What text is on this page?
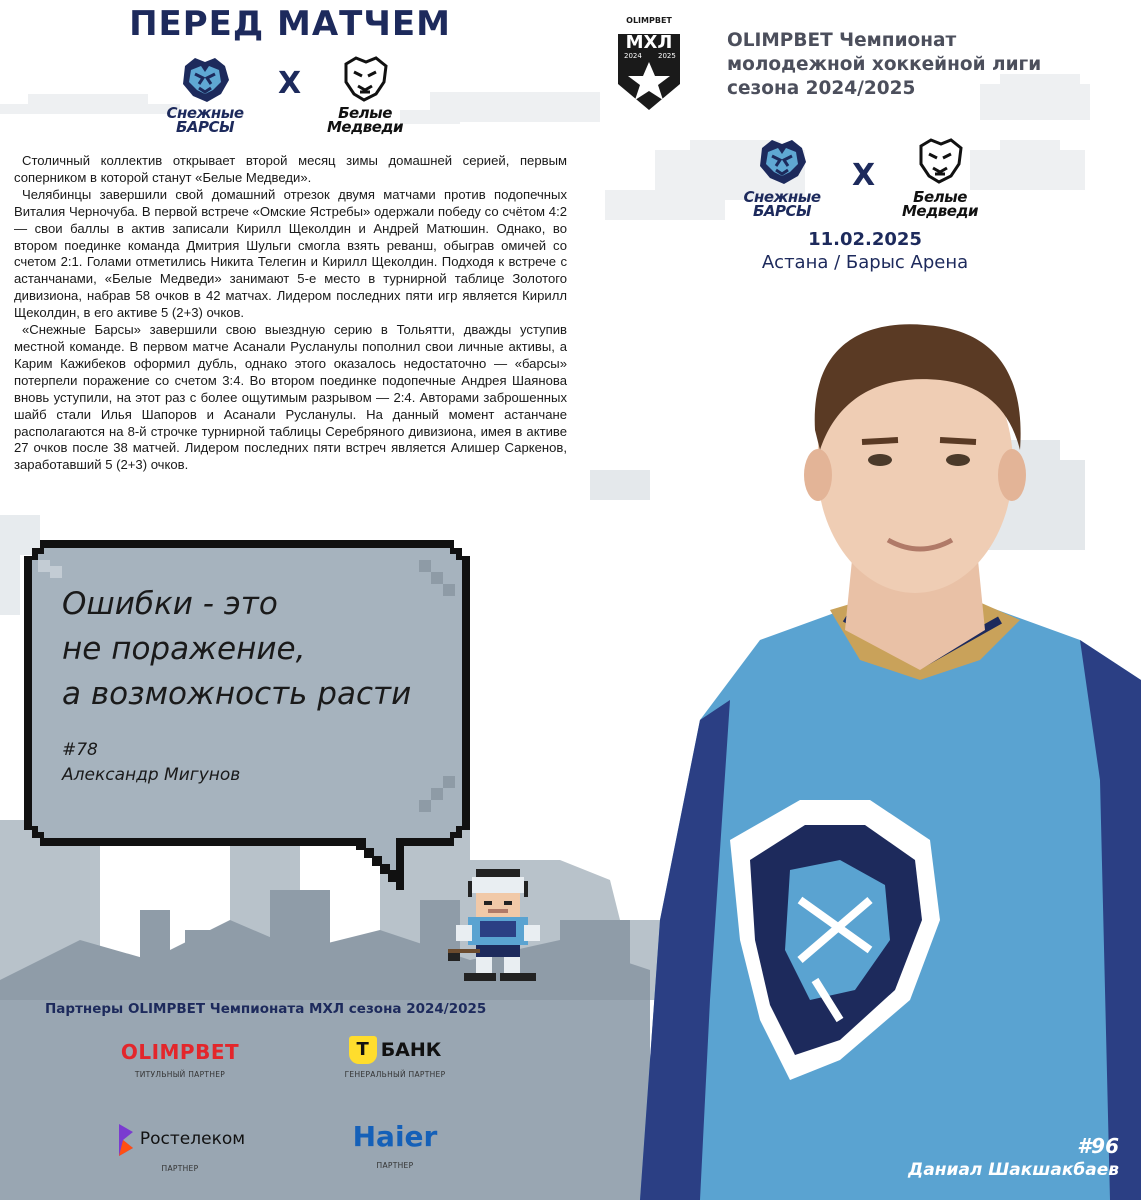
ПЕРЕД МАТЧЕМ
Снежные
БАРСЫ
X
Белые
Медведи

Столичный коллектив открывает второй месяц зимы домашней серией, первым соперником в которой станут «Белые Медведи».

Челябинцы завершили свой домашний отрезок двумя матчами против подопечных Виталия Черночуба. В первой встрече «Омские Ястребы» одержали победу со счётом 4:2 — свои баллы в актив записали Кирилл Щеколдин и Андрей Матюшин. Однако, во втором поединке команда Дмитрия Шульги смогла взять реванш, обыграв омичей со счетом 2:1. Голами отметились Никита Телегин и Кирилл Щеколдин. Подходя к встрече с астанчанами, «Белые Медведи» занимают 5-е место в турнирной таблице Золотого дивизиона, набрав 58 очков в 42 матчах. Лидером последних пяти игр является Кирилл Щеколдин, в его активе 5 (2+3) очков.

«Снежные Барсы» завершили свою выездную серию в Тольятти, дважды уступив местной команде. В первом матче Асанали Русланулы пополнил свои личные активы, а Карим Кажибеков оформил дубль, однако этого оказалось недостаточно — «барсы» потерпели поражение со счетом 3:4. Во втором поединке подопечные Андрея Шаянова вновь уступили, на этот раз с более ощутимым разрывом — 2:4. Авторами заброшенных шайб стали Илья Шапоров и Асанали Русланулы. На данный момент астанчане располагаются на 8-й строчке турнирной таблицы Серебряного дивизиона, имея в активе 27 очков после 38 матчей. Лидером последних пяти встреч является Алишер Саркенов, заработавший 5 (2+3) очков.

OLIMPBET
МХЛ
2024 2025
OLIMPBET Чемпионат
молодежной хоккейной лиги
сезона 2024/2025
Снежные
БАРСЫ
X
Белые
Медведи
11.02.2025
Астана / Барыс Арена
Ошибки - это
не поражение,
а возможность расти
#78
Александр Мигунов
Партнеры OLIMPBET Чемпионата МХЛ сезона 2024/2025
OLIMPBET
ТИТУЛЬНЫЙ ПАРТНЕР
Т БАНК
ГЕНЕРАЛЬНЫЙ ПАРТНЕР
Ростелеком
ПАРТНЕР
Haier
ПАРТНЕР
#96
Даниал Шакшакбаев
